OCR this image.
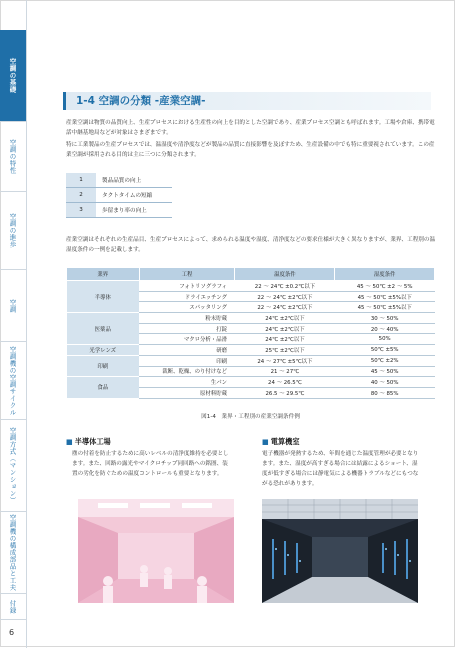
空調の基礎
空調の特性
空調の進歩
空調
空調機の空調サイクル
空調方式（マンション）
空調機の構成部品と工夫
付録
6
1-4 空調の分類 -産業空調-

産業空調は物質の品質向上、生産プロセスにおける生産性の向上を目的とした空調であり、産業プロセス空調とも呼ばれます。工場や倉庫、携帯電話中継基地局などが対象はさまざまです。

特に工業製品の生産プロセスでは、温湿度や清浄度などが製品の品質に直接影響を及ぼすため、生産設備の中でも特に重要視されています。この産業空調が採用される目的は主に三つに分類されます。

1	製品品質の向上
2	タクトタイムの短縮
3	歩留まり率の向上

産業空調はそれぞれの生産品目、生産プロセスによって、求められる温度や湿度、清浄度などの要求仕様が大きく異なりますが、業界、工程別の温湿度条件の一例を記載します。

業界	工程	温度条件	湿度条件
半導体	フォトリソグラフィ	22 ～ 24℃ ±0.2℃以下	45 ～ 50℃ ±2 ～ 5%
	ドライエッチング	22 ～ 24℃ ±2℃以下	45 ～ 50℃ ±5%以下
	スパッタリング	22 ～ 24℃ ±2℃以下	45 ～ 50℃ ±5%以下
医薬品	粉末貯蔵	24℃ ±2℃以下	30 ～ 50%
	打錠	24℃ ±2℃以下	20 ～ 40%
	マクロ分析・品滑	24℃ ±2℃以下	50%
光学レンズ	研磨	25℃ ±2℃以下	50℃ ±5%
印刷	印刷	24 ～ 27℃ ±5℃以下	50℃ ±2%
	裁断、乾燥、のり付けなど	21 ～ 27℃	45 ～ 50%
食品	生パン	24 ～ 26.5℃	40 ～ 50%
	原材料貯蔵	26.5 ～ 29.5℃	80 ～ 85%
図1-4　業界・工程別の産業空調条件例
■ 半導体工場

塵の付着を防止するために高いレベルの清浄度維持を必要とします。また、回路の露光やマイクロチップ同回路への銘圏、装置の劣化を防ぐための温度コントロールも重要となります。

■ 電算機室

電子機器が発熱するため、年間を通じた温度管理が必要となります。また、湿度が高すぎる場合には結露によるショート、湿度が低すぎる場合には静電気による機器トラブルなどにもつながる恐れがあります。
